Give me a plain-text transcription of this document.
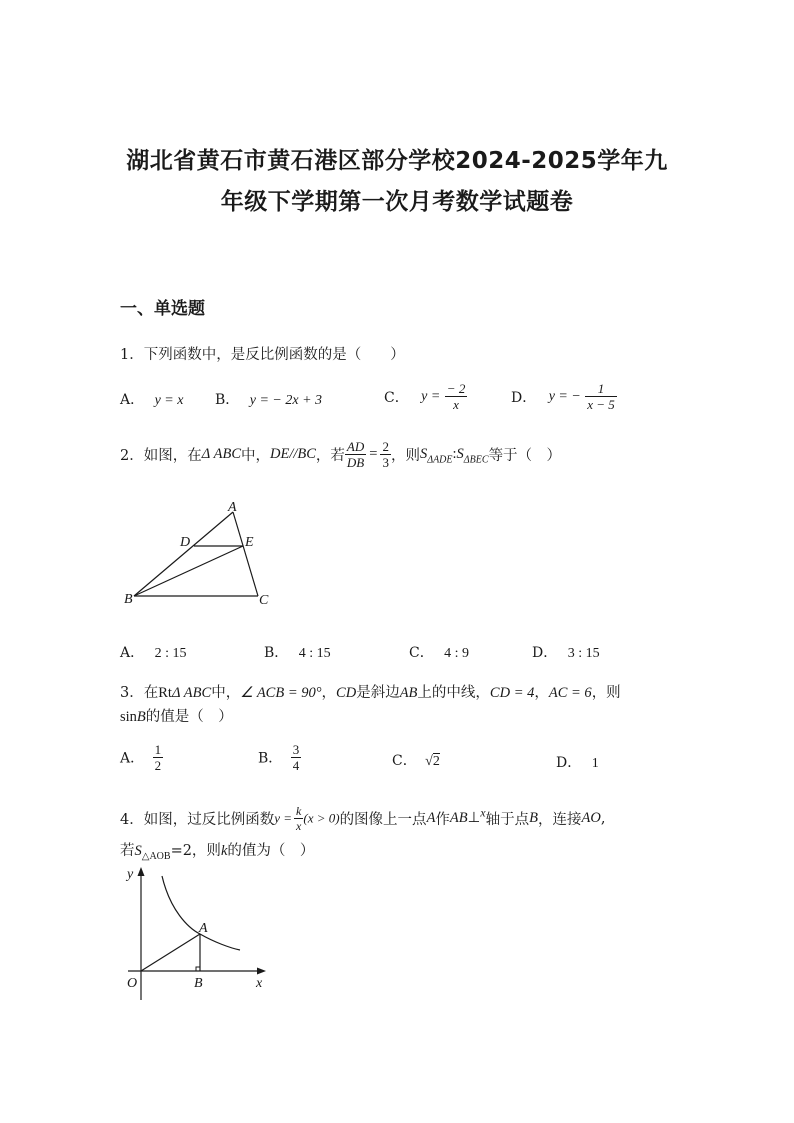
湖北省黄石市黄石港区部分学校2024-2025学年九
年级下学期第一次月考数学试题卷
一、单选题
1．下列函数中，是反比例函数的是（　　）
A． y = x B． y = − 2x + 3	C． $y = \frac{- 2}{x}$	D． y = − $\frac{1}{x - 5}$
2．如图，在Δ ABC中，DE//BC，若 $\frac{AD}{DB} = \frac{2}{3}$ ，则$S_{\Delta ADE}:S_{\Delta BEC}$等于（　）
A
D	E
B	C
A． 2 : 15	B． 4 : 15	C． 4 : 9	D． 3 : 15
3．在RtΔ ABC中，∠ ACB = 90°，CD是斜边AB上的中线，CD = 4，AC = 6，则
sinB的值是（　）
A． $\frac{1}{2}$	B． $\frac{3}{4}$	C． √2	D． 1
4．如图，过反比例函数$y = \frac{k}{x} (x > 0)$的图像上一点A作AB⊥$^x$轴于点B，连接AO,
若$S_{\triangle AOB}=2$，则k的值为（　）
y
A
O	B	x
